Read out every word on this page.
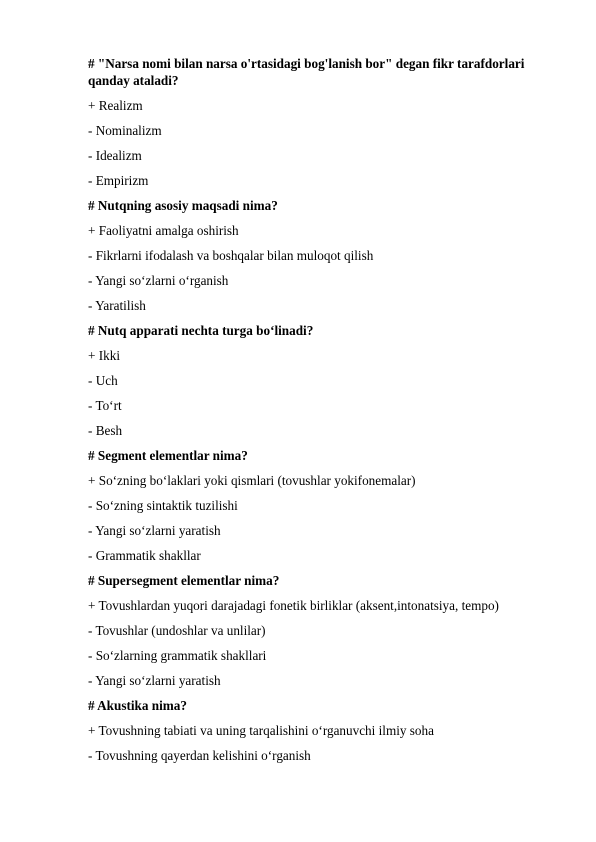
# "Narsa nomi bilan narsa o'rtasidagi bog'lanish bor" degan fikr tarafdorlari qanday ataladi?

+ Realizm

- Nominalizm

- Idealizm

- Empirizm

# Nutqning asosiy maqsadi nima?

+ Faoliyatni amalga oshirish

- Fikrlarni ifodalash va boshqalar bilan muloqot qilish

- Yangi so‘zlarni o‘rganish

- Yaratilish

# Nutq apparati nechta turga bo‘linadi?

+ Ikki

- Uch

- To‘rt

- Besh

# Segment elementlar nima?

+ So‘zning bo‘laklari yoki qismlari (tovushlar yokifonemalar)

- So‘zning sintaktik tuzilishi

- Yangi so‘zlarni yaratish

- Grammatik shakllar

# Supersegment elementlar nima?

+ Tovushlardan yuqori darajadagi fonetik birliklar (aksent,intonatsiya, tempo)

- Tovushlar (undoshlar va unlilar)

- So‘zlarning grammatik shakllari

- Yangi so‘zlarni yaratish

# Akustika nima?

+ Tovushning tabiati va uning tarqalishini o‘rganuvchi ilmiy soha

- Tovushning qayerdan kelishini o‘rganish
